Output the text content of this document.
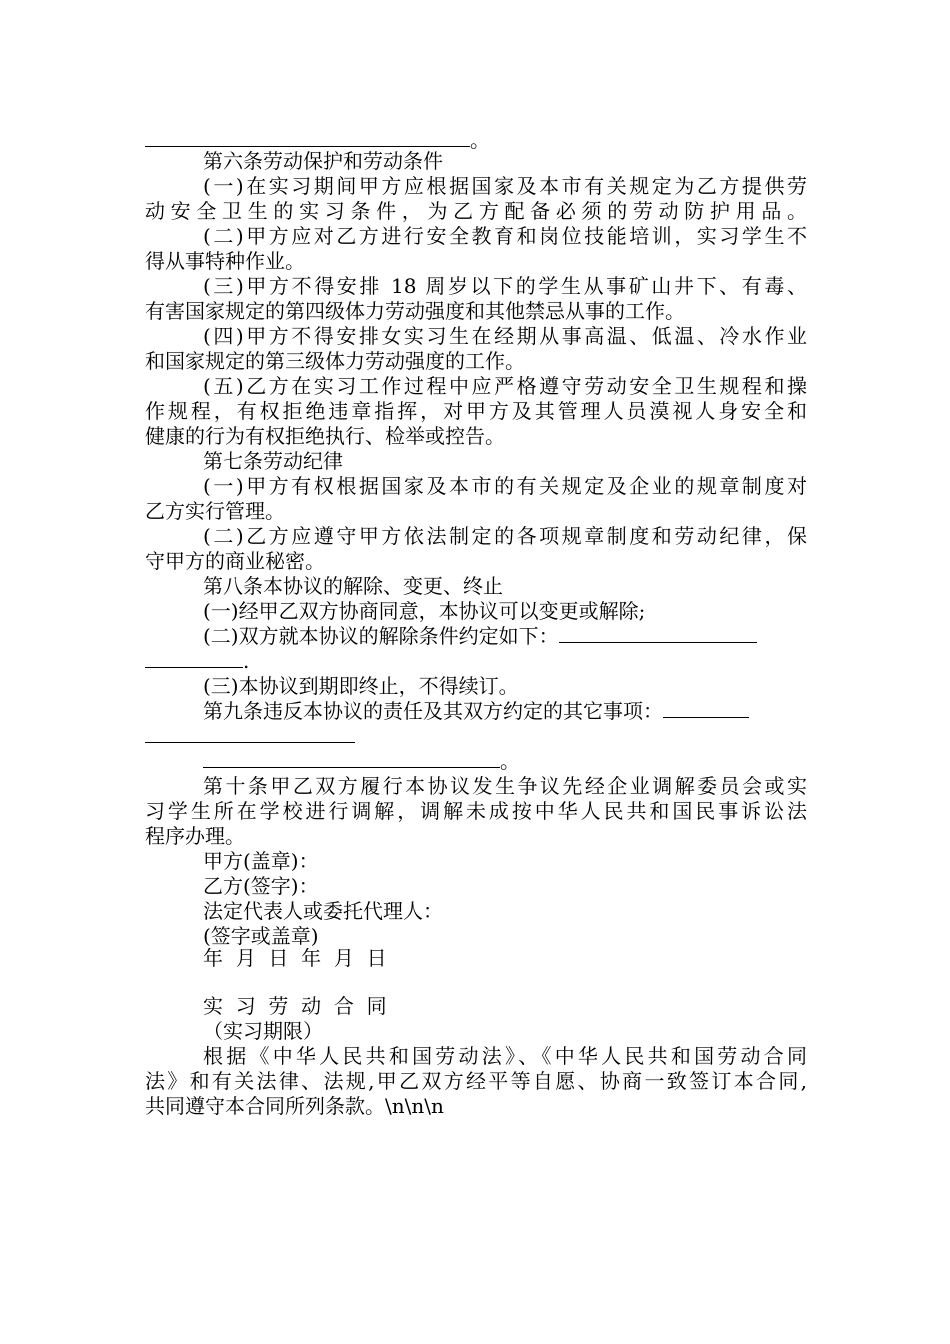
。
第六条劳动保护和劳动条件
(一)在实习期间甲方应根据国家及本市有关规定为乙方提供劳
动安全卫生的实习条件，为乙方配备必须的劳动防护用品。
(二)甲方应对乙方进行安全教育和岗位技能培训，实习学生不
得从事特种作业。
(三)甲方不得安排 18 周岁以下的学生从事矿山井下、有毒、
有害国家规定的第四级体力劳动强度和其他禁忌从事的工作。
(四)甲方不得安排女实习生在经期从事高温、低温、冷水作业
和国家规定的第三级体力劳动强度的工作。
(五)乙方在实习工作过程中应严格遵守劳动安全卫生规程和操
作规程，有权拒绝违章指挥，对甲方及其管理人员漠视人身安全和
健康的行为有权拒绝执行、检举或控告。
第七条劳动纪律
(一)甲方有权根据国家及本市的有关规定及企业的规章制度对
乙方实行管理。
(二)乙方应遵守甲方依法制定的各项规章制度和劳动纪律，保
守甲方的商业秘密。
第八条本协议的解除、变更、终止
(一)经甲乙双方协商同意，本协议可以变更或解除;
(二)双方就本协议的解除条件约定如下：
.
(三)本协议到期即终止，不得续订。
第九条违反本协议的责任及其双方约定的其它事项：
。
第十条甲乙双方履行本协议发生争议先经企业调解委员会或实
习学生所在学校进行调解，调解未成按中华人民共和国民事诉讼法
程序办理。
甲方(盖章)：
乙方(签字)：
法定代表人或委托代理人：
(签字或盖章)
年  月  日  年  月  日
实  习  劳  动  合  同
（实习期限）
根据《中华人民共和国劳动法》、《中华人民共和国劳动合同
法》和有关法律、法规,甲乙双方经平等自愿、协商一致签订本合同,
共同遵守本合同所列条款。\n\n\n
